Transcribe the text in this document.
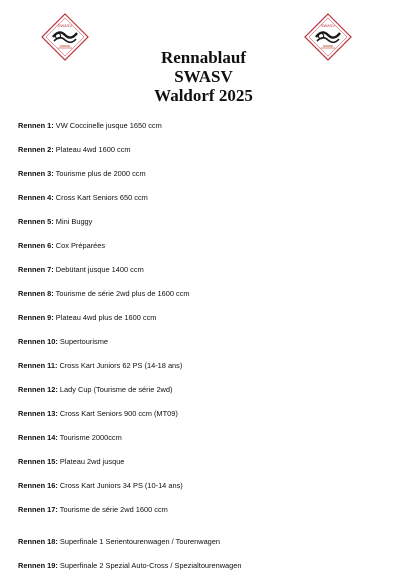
SWASV	SWASV
Rennablauf
SWASV
Waldorf 2025
Rennen 1: VW Coccinelle jusque 1650 ccm
Rennen 2: Plateau 4wd 1600 ccm
Rennen 3: Tourisme plus de 2000 ccm
Rennen 4: Cross Kart Seniors 650 ccm
Rennen 5: Mini Buggy
Rennen 6: Cox Préparées
Rennen 7: Debütant jusque 1400 ccm
Rennen 8: Tourisme de série 2wd plus de 1600 ccm
Rennen 9: Plateau 4wd plus de 1600 ccm
Rennen 10: Supertourisme
Rennen 11: Cross Kart Juniors 62 PS (14-18 ans)
Rennen 12: Lady Cup (Tourisme de série 2wd)
Rennen 13: Cross Kart Seniors 900 ccm (MT09)
Rennen 14: Tourisme 2000ccm
Rennen 15: Plateau 2wd jusque
Rennen 16: Cross Kart Juniors 34 PS (10-14 ans)
Rennen 17: Tourisme de série 2wd 1600 ccm
Rennen 18: Superfinale 1 Serientourenwagen / Tourenwagen
Rennen 19: Superfinale 2 Spezial Auto-Cross / Spezialtourenwagen
